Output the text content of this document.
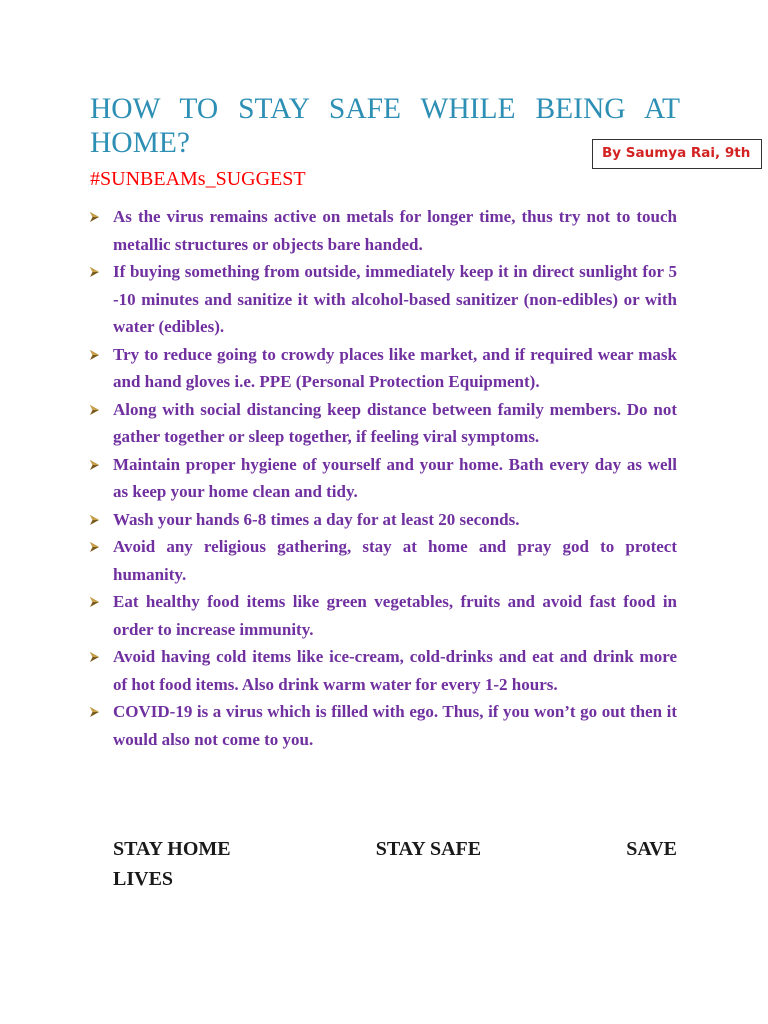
HOW TO STAY SAFE WHILE BEING AT HOME?
#SUNBEAMs_SUGGEST
By Saumya Rai, 9th
As the virus remains active on metals for longer time, thus try not to touch metallic structures or objects bare handed.
If buying something from outside, immediately keep it in direct sunlight for 5 -10 minutes and sanitize it with alcohol-based sanitizer (non-edibles) or with water (edibles).
Try to reduce going to crowdy places like market, and if required wear mask and hand gloves i.e. PPE (Personal Protection Equipment).
Along with social distancing keep distance between family members. Do not gather together or sleep together, if feeling viral symptoms.
Maintain proper hygiene of yourself and your home. Bath every day as well as keep your home clean and tidy.
Wash your hands 6-8 times a day for at least 20 seconds.
Avoid any religious gathering, stay at home and pray god to protect humanity.
Eat healthy food items like green vegetables, fruits and avoid fast food in order to increase immunity.
Avoid having cold items like ice-cream, cold-drinks and eat and drink more of hot food items. Also drink warm water for every 1-2 hours.
COVID-19 is a virus which is filled with ego. Thus, if you won’t go out then it would also not come to you.
STAY HOME	STAY SAFE	SAVE
LIVES
